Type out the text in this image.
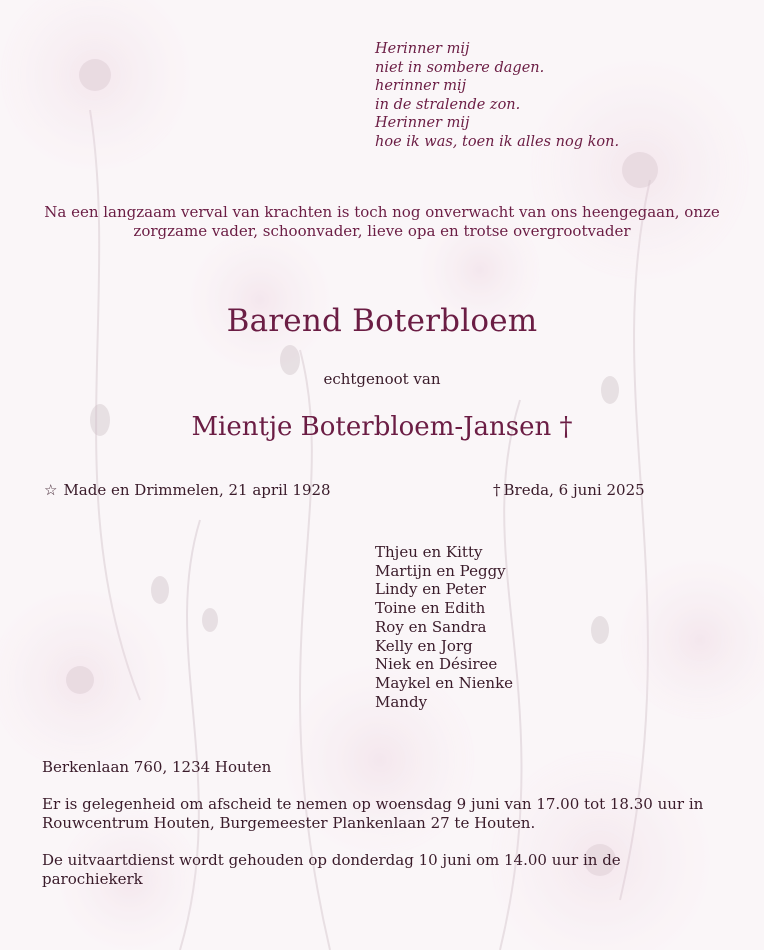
Herinner mij
niet in sombere dagen.
herinner mij
in de stralende zon.
Herinner mij
hoe ik was, toen ik alles nog kon.
Na een langzaam verval van krachten is toch nog onverwacht van ons heengegaan, onze zorgzame vader, schoonvader, lieve opa en trotse overgrootvader
Barend Boterbloem
echtgenoot van
Mientje Boterbloem-Jansen †
☆ Made en Drimmelen, 21 april 1928	† Breda, 6 juni 2025
Thjeu en Kitty
Martijn en Peggy
Lindy en Peter
Toine en Edith
Roy en Sandra
Kelly en Jorg
Niek en Désiree
Maykel en Nienke
Mandy
Berkenlaan 760, 1234 Houten
Er is gelegenheid om afscheid te nemen op woensdag 9 juni van 17.00 tot 18.30 uur in Rouwcentrum Houten, Burgemeester Plankenlaan 27 te Houten.
De uitvaartdienst wordt gehouden op donderdag 10 juni om 14.00 uur in de parochiekerk
